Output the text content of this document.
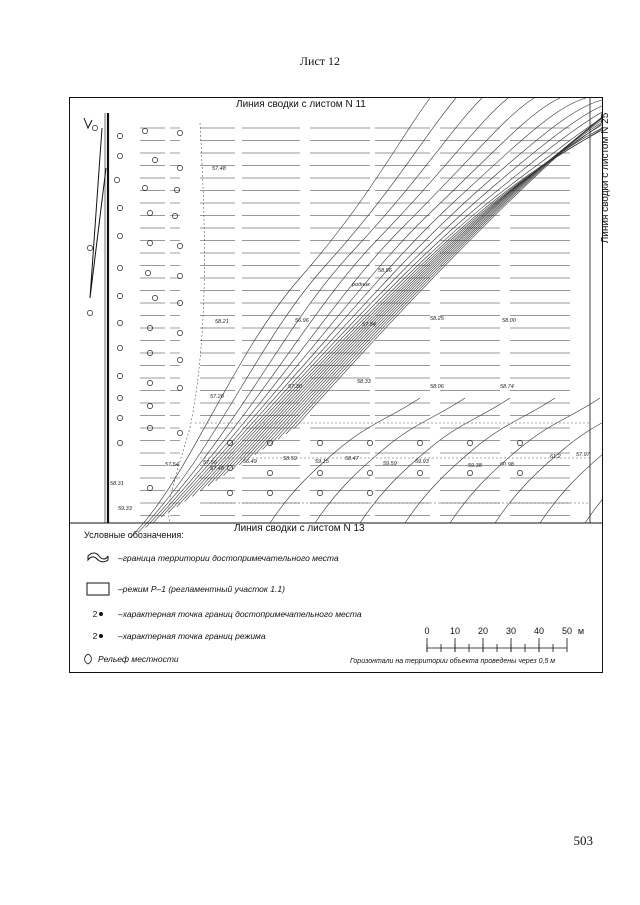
Лист 12
57.48
58.21	56.96
58.96
57.84
58.25	58.00
57.20
57.30
58.33
58.06	58.74
57.54	57.56
57.48
56.49	58.59	59.15	58.47
59.59	59.93
59.38	60.98
61.2	57.97
58.31
59.33
родник
Линия сводки с листом N 11
Линия сводки с листом N 25
Линия сводки с листом N 13
Условные обозначения:
–граница территории достопримечательного места
–режим Р–1 (регламентный участок 1.1)
2 –характерная точка границ достопримечательного места
2 –характерная точка границ режима
Рельеф местности
0 10 20 30 40 50 м
Горизонтали на территории объекта проведены через 0,5 м
503
